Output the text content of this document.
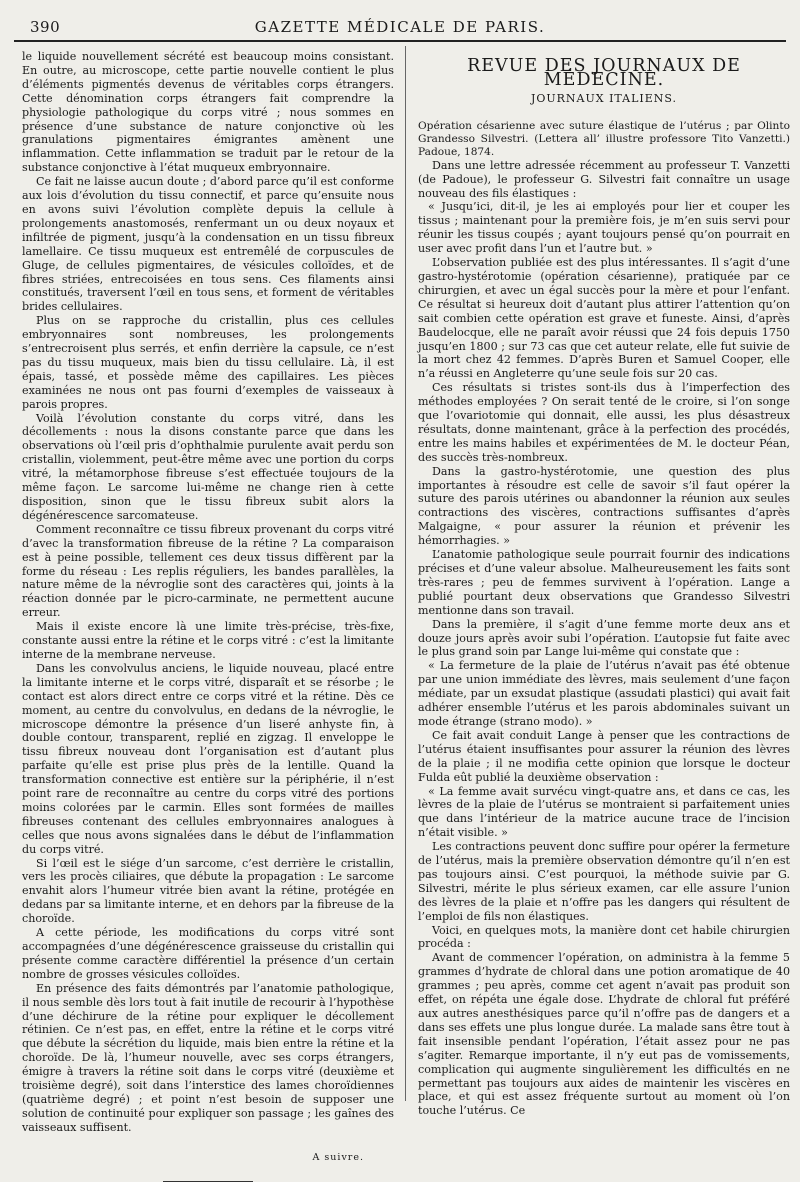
390	GAZETTE MÉDICALE DE PARIS.

le liquide nouvellement sécrété est beaucoup moins consistant. En outre, au microscope, cette partie nouvelle contient le plus d’éléments pigmentés devenus de véritables corps étrangers. Cette dénomination corps étrangers fait comprendre la physiologie pathologique du corps vitré ; nous sommes en présence d’une substance de nature conjonctive où les granulations pigmentaires émigrantes amènent une inflammation. Cette inflammation se traduit par le retour de la substance conjonctive à l’état muqueux embryonnaire.

Ce fait ne laisse aucun doute ; d’abord parce qu’il est conforme aux lois d’évolution du tissu connectif, et parce qu’ensuite nous en avons suivi l’évolution complète depuis la cellule à prolongements anastomosés, renfermant un ou deux noyaux et infiltrée de pigment, jusqu’à la condensation en un tissu fibreux lamellaire. Ce tissu muqueux est entremêlé de corpuscules de Gluge, de cellules pigmentaires, de vésicules colloïdes, et de fibres striées, entrecoisées en tous sens. Ces filaments ainsi constitués, traversent l’œil en tous sens, et forment de véritables brides cellulaires.

Plus on se rapproche du cristallin, plus ces cellules embryonnaires sont nombreuses, les prolongements s’entrecroisent plus serrés, et enfin derrière la capsule, ce n’est pas du tissu muqueux, mais bien du tissu cellulaire. Là, il est épais, tassé, et possède même des capillaires. Les pièces examinées ne nous ont pas fourni d’exemples de vaisseaux à parois propres.

Voilà l’évolution constante du corps vitré, dans les décollements : nous la disons constante parce que dans les observations où l’œil pris d’ophthalmie purulente avait perdu son cristallin, violemment, peut-être même avec une portion du corps vitré, la métamorphose fibreuse s’est effectuée toujours de la même façon. Le sarcome lui-même ne change rien à cette disposition, sinon que le tissu fibreux subit alors la dégénérescence sarcomateuse.

Comment reconnaître ce tissu fibreux provenant du corps vitré d’avec la transformation fibreuse de la rétine ? La comparaison est à peine possible, tellement ces deux tissus diffèrent par la forme du réseau : Les replis réguliers, les bandes parallèles, la nature même de la névroglie sont des caractères qui, joints à la réaction donnée par le picro-carminate, ne permettent aucune erreur.

Mais il existe encore là une limite très-précise, très-fixe, constante aussi entre la rétine et le corps vitré : c’est la limitante interne de la membrane nerveuse.

Dans les convolvulus anciens, le liquide nouveau, placé entre la limitante interne et le corps vitré, disparaît et se résorbe ; le contact est alors direct entre ce corps vitré et la rétine. Dès ce moment, au centre du convolvulus, en dedans de la névroglie, le microscope démontre la présence d’un liseré anhyste fin, à double contour, transparent, replié en zigzag. Il enveloppe le tissu fibreux nouveau dont l’organisation est d’autant plus parfaite qu’elle est prise plus près de la lentille. Quand la transformation connective est entière sur la périphérie, il n’est point rare de reconnaître au centre du corps vitré des portions moins colorées par le carmin. Elles sont formées de mailles fibreuses contenant des cellules embryonnaires analogues à celles que nous avons signalées dans le début de l’inflammation du corps vitré.

Si l’œil est le siége d’un sarcome, c’est derrière le cristallin, vers les procès ciliaires, que débute la propagation : Le sarcome envahit alors l’humeur vitrée bien avant la rétine, protégée en dedans par sa limitante interne, et en dehors par la fibreuse de la choroïde.

A cette période, les modifications du corps vitré sont accompagnées d’une dégénérescence graisseuse du cristallin qui présente comme caractère différentiel la présence d’un certain nombre de grosses vésicules colloïdes.

En présence des faits démontrés par l’anatomie pathologique, il nous semble dès lors tout à fait inutile de recourir à l’hypothèse d’une déchirure de la rétine pour expliquer le décollement rétinien. Ce n’est pas, en effet, entre la rétine et le corps vitré que débute la sécrétion du liquide, mais bien entre la rétine et la choroïde. De là, l’humeur nouvelle, avec ses corps étrangers, émigre à travers la rétine soit dans le corps vitré (deuxième et troisième degré), soit dans l’interstice des lames choroïdiennes (quatrième degré) ; et point n’est besoin de supposer une solution de continuité pour expliquer son passage ; les gaînes des vaisseaux suffisent.

A suivre.
REVUE DES JOURNAUX DE MÉDECINE.
JOURNAUX ITALIENS.

Opération césarienne avec suture élastique de l’utérus ; par Olinto Grandesso Silvestri. (Lettera all’ illustre professore Tito Vanzetti.) Padoue, 1874.

Dans une lettre adressée récemment au professeur T. Vanzetti (de Padoue), le professeur G. Silvestri fait connaître un usage nouveau des fils élastiques :

« Jusqu’ici, dit-il, je les ai employés pour lier et couper les tissus ; maintenant pour la première fois, je m’en suis servi pour réunir les tissus coupés ; ayant toujours pensé qu’on pourrait en user avec profit dans l’un et l’autre but. »

L’observation publiée est des plus intéressantes. Il s’agit d’une gastro-hystérotomie (opération césarienne), pratiquée par ce chirurgien, et avec un égal succès pour la mère et pour l’enfant. Ce résultat si heureux doit d’autant plus attirer l’attention qu’on sait combien cette opération est grave et funeste. Ainsi, d’après Baudelocque, elle ne paraît avoir réussi que 24 fois depuis 1750 jusqu’en 1800 ; sur 73 cas que cet auteur relate, elle fut suivie de la mort chez 42 femmes. D’après Buren et Samuel Cooper, elle n’a réussi en Angleterre qu’une seule fois sur 20 cas.

Ces résultats si tristes sont-ils dus à l’imperfection des méthodes employées ? On serait tenté de le croire, si l’on songe que l’ovariotomie qui donnait, elle aussi, les plus désastreux résultats, donne maintenant, grâce à la perfection des procédés, entre les mains habiles et expérimentées de M. le docteur Péan, des succès très-nombreux.

Dans la gastro-hystérotomie, une question des plus importantes à résoudre est celle de savoir s’il faut opérer la suture des parois utérines ou abandonner la réunion aux seules contractions des viscères, contractions suffisantes d’après Malgaigne, « pour assurer la réunion et prévenir les hémorrhagies. »

L’anatomie pathologique seule pourrait fournir des indications précises et d’une valeur absolue. Malheureusement les faits sont très-rares ; peu de femmes survivent à l’opération. Lange a publié pourtant deux observations que Grandesso Silvestri mentionne dans son travail.

Dans la première, il s’agit d’une femme morte deux ans et douze jours après avoir subi l’opération. L’autopsie fut faite avec le plus grand soin par Lange lui-même qui constate que :

« La fermeture de la plaie de l’utérus n’avait pas été obtenue par une union immédiate des lèvres, mais seulement d’une façon médiate, par un exsudat plastique (assudati plastici) qui avait fait adhérer ensemble l’utérus et les parois abdominales suivant un mode étrange (strano modo). »

Ce fait avait conduit Lange à penser que les contractions de l’utérus étaient insuffisantes pour assurer la réunion des lèvres de la plaie ; il ne modifia cette opinion que lorsque le docteur Fulda eût publié la deuxième observation :

« La femme avait survécu vingt-quatre ans, et dans ce cas, les lèvres de la plaie de l’utérus se montraient si parfaitement unies que dans l’intérieur de la matrice aucune trace de l’incision n’était visible. »

Les contractions peuvent donc suffire pour opérer la fermeture de l’utérus, mais la première observation démontre qu’il n’en est pas toujours ainsi. C’est pourquoi, la méthode suivie par G. Silvestri, mérite le plus sérieux examen, car elle assure l’union des lèvres de la plaie et n’offre pas les dangers qui résultent de l’emploi de fils non élastiques.

Voici, en quelques mots, la manière dont cet habile chirurgien procéda :

Avant de commencer l’opération, on administra à la femme 5 grammes d’hydrate de chloral dans une potion aromatique de 40 grammes ; peu après, comme cet agent n’avait pas produit son effet, on répéta une égale dose. L’hydrate de chloral fut préféré aux autres anesthésiques parce qu’il n’offre pas de dangers et a dans ses effets une plus longue durée. La malade sans être tout à fait insensible pendant l’opération, l’était assez pour ne pas s’agiter. Remarque importante, il n’y eut pas de vomissements, complication qui augmente singulièrement les difficultés en ne permettant pas toujours aux aides de maintenir les viscères en place, et qui est assez fréquente surtout au moment où l’on touche l’utérus. Ce
